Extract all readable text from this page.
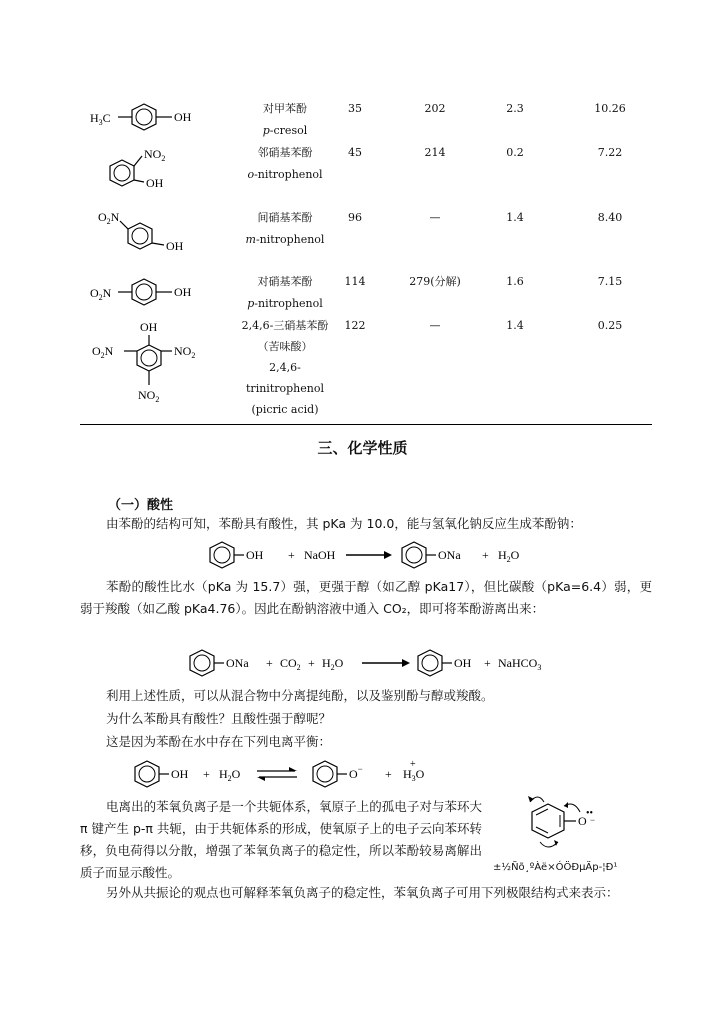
$H_3C$	OH
对甲苯酚
p-cresol
35	202	2.3	10.26
$NO_2$
OH
邻硝基苯酚
o-nitrophenol
45	214	0.2	7.22
$O_2N$
OH
间硝基苯酚
m-nitrophenol
96	—	1.4	8.40
$O_2N$	OH
对硝基苯酚
p-nitrophenol
114	279(分解)	1.6	7.15
OH
$O_2N$	$NO_2$
$NO_2$
2,4,6-三硝基苯酚
（苦味酸）
2,4,6-
trinitrophenol
(picric acid)
122	—	1.4	0.25
三、化学性质
（一）酸性
由苯酚的结构可知，苯酚具有酸性，其 pKa 为 10.0，能与氢氧化钠反应生成苯酚钠：
OH + NaOH	ONa + $H_2O$
苯酚的酸性比水（pKa 为 15.7）强，更强于醇（如乙醇 pKa17），但比碳酸（pKa=6.4）弱，更弱于羧酸（如乙酸 pKa4.76）。因此在酚钠溶液中通入 CO₂，即可将苯酚游离出来：
ONa + $CO_2 + H_2O$	OH + NaHCO$_3$
利用上述性质，可以从混合物中分离提纯酚，以及鉴别酚与醇或羧酸。
为什么苯酚具有酸性？且酸性强于醇呢？
这是因为苯酚在水中存在下列电离平衡：
OH + $H_2O$	$O^- + H_3O$
+
电离出的苯氧负离子是一个共轭体系，氧原子上的孤电子对与苯环大 π 键产生 p-π 共轭，由于共轭体系的形成，使氧原子上的电子云向苯环转移，负电荷得以分散，增强了苯氧负离子的稳定性，所以苯酚较易离解出质子而显示酸性。
O
••
−
±½Ñõ¸ºÀë×ÓÖÐµÄp-¦Ð¹
另外从共振论的观点也可解释苯氧负离子的稳定性，苯氧负离子可用下列极限结构式来表示：
